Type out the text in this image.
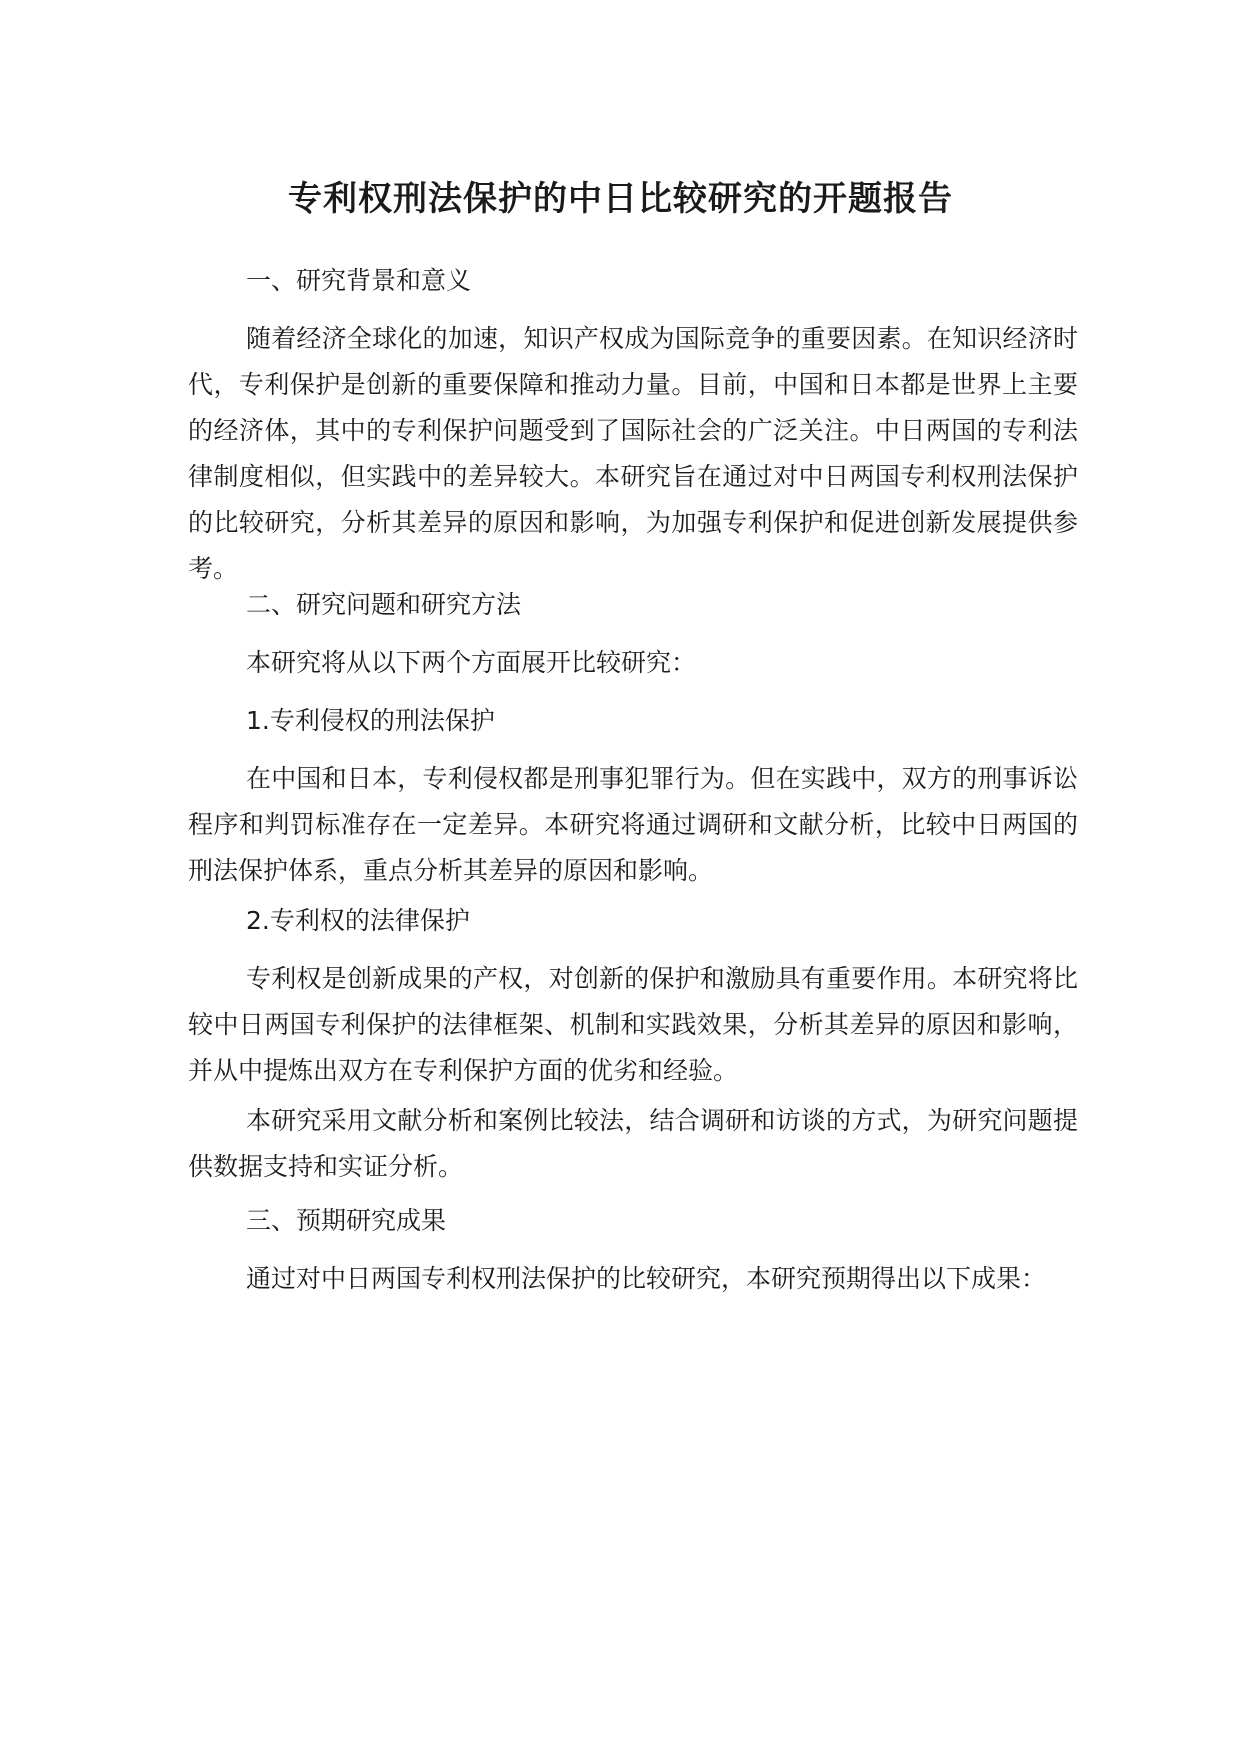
专利权刑法保护的中日比较研究的开题报告

一、研究背景和意义

随着经济全球化的加速，知识产权成为国际竞争的重要因素。在知识经济时代，专利保护是创新的重要保障和推动力量。目前，中国和日本都是世界上主要的经济体，其中的专利保护问题受到了国际社会的广泛关注。中日两国的专利法律制度相似，但实践中的差异较大。本研究旨在通过对中日两国专利权刑法保护的比较研究，分析其差异的原因和影响，为加强专利保护和促进创新发展提供参考。

二、研究问题和研究方法

本研究将从以下两个方面展开比较研究：

1.专利侵权的刑法保护

在中国和日本，专利侵权都是刑事犯罪行为。但在实践中，双方的刑事诉讼程序和判罚标准存在一定差异。本研究将通过调研和文献分析，比较中日两国的刑法保护体系，重点分析其差异的原因和影响。

2.专利权的法律保护

专利权是创新成果的产权，对创新的保护和激励具有重要作用。本研究将比较中日两国专利保护的法律框架、机制和实践效果，分析其差异的原因和影响，并从中提炼出双方在专利保护方面的优劣和经验。

本研究采用文献分析和案例比较法，结合调研和访谈的方式，为研究问题提供数据支持和实证分析。

三、预期研究成果

通过对中日两国专利权刑法保护的比较研究，本研究预期得出以下成果：
